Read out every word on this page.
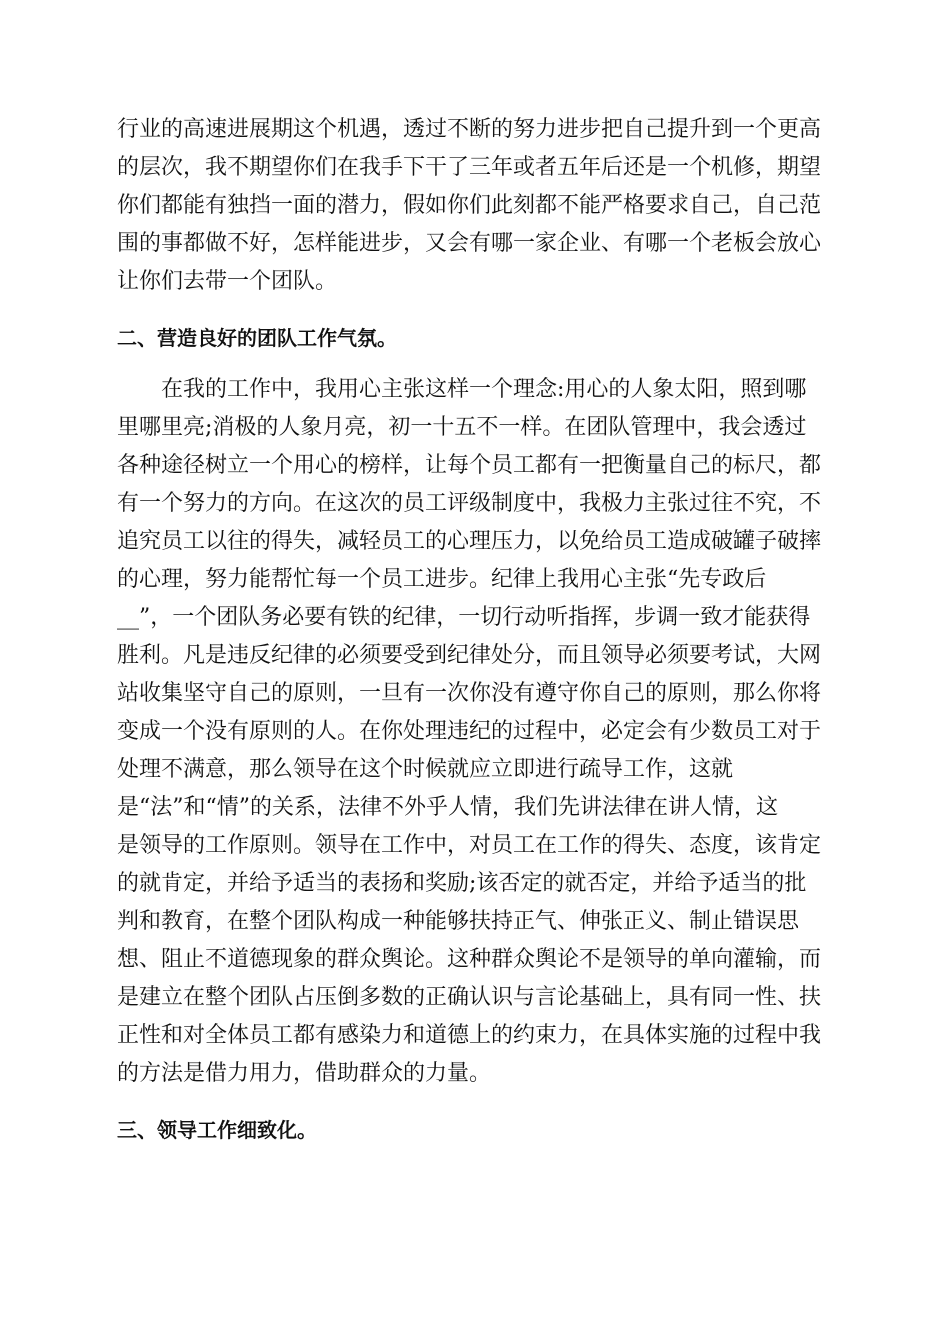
行业的高速进展期这个机遇，透过不断的努力进步把自己提升到一个更高
的层次，我不期望你们在我手下干了三年或者五年后还是一个机修，期望
你们都能有独挡一面的潜力，假如你们此刻都不能严格要求自己，自己范
围的事都做不好，怎样能进步，又会有哪一家企业、有哪一个老板会放心
让你们去带一个团队。
二、营造良好的团队工作气氛。
在我的工作中，我用心主张这样一个理念:用心的人象太阳，照到哪
里哪里亮;消极的人象月亮，初一十五不一样。在团队管理中，我会透过
各种途径树立一个用心的榜样，让每个员工都有一把衡量自己的标尺，都
有一个努力的方向。在这次的员工评级制度中，我极力主张过往不究，不
追究员工以往的得失，减轻员工的心理压力，以免给员工造成破罐子破摔
的心理，努力能帮忙每一个员工进步。纪律上我用心主张“先专政后
__”，一个团队务必要有铁的纪律，一切行动听指挥，步调一致才能获得
胜利。凡是违反纪律的必须要受到纪律处分，而且领导必须要考试，大网
站收集坚守自己的原则，一旦有一次你没有遵守你自己的原则，那么你将
变成一个没有原则的人。在你处理违纪的过程中，必定会有少数员工对于
处理不满意，那么领导在这个时候就应立即进行疏导工作，这就
是“法”和“情”的关系，法律不外乎人情，我们先讲法律在讲人情，这
是领导的工作原则。领导在工作中，对员工在工作的得失、态度，该肯定
的就肯定，并给予适当的表扬和奖励;该否定的就否定，并给予适当的批
判和教育，在整个团队构成一种能够扶持正气、伸张正义、制止错误思
想、阻止不道德现象的群众舆论。这种群众舆论不是领导的单向灌输，而
是建立在整个团队占压倒多数的正确认识与言论基础上，具有同一性、扶
正性和对全体员工都有感染力和道德上的约束力，在具体实施的过程中我
的方法是借力用力，借助群众的力量。
三、领导工作细致化。
